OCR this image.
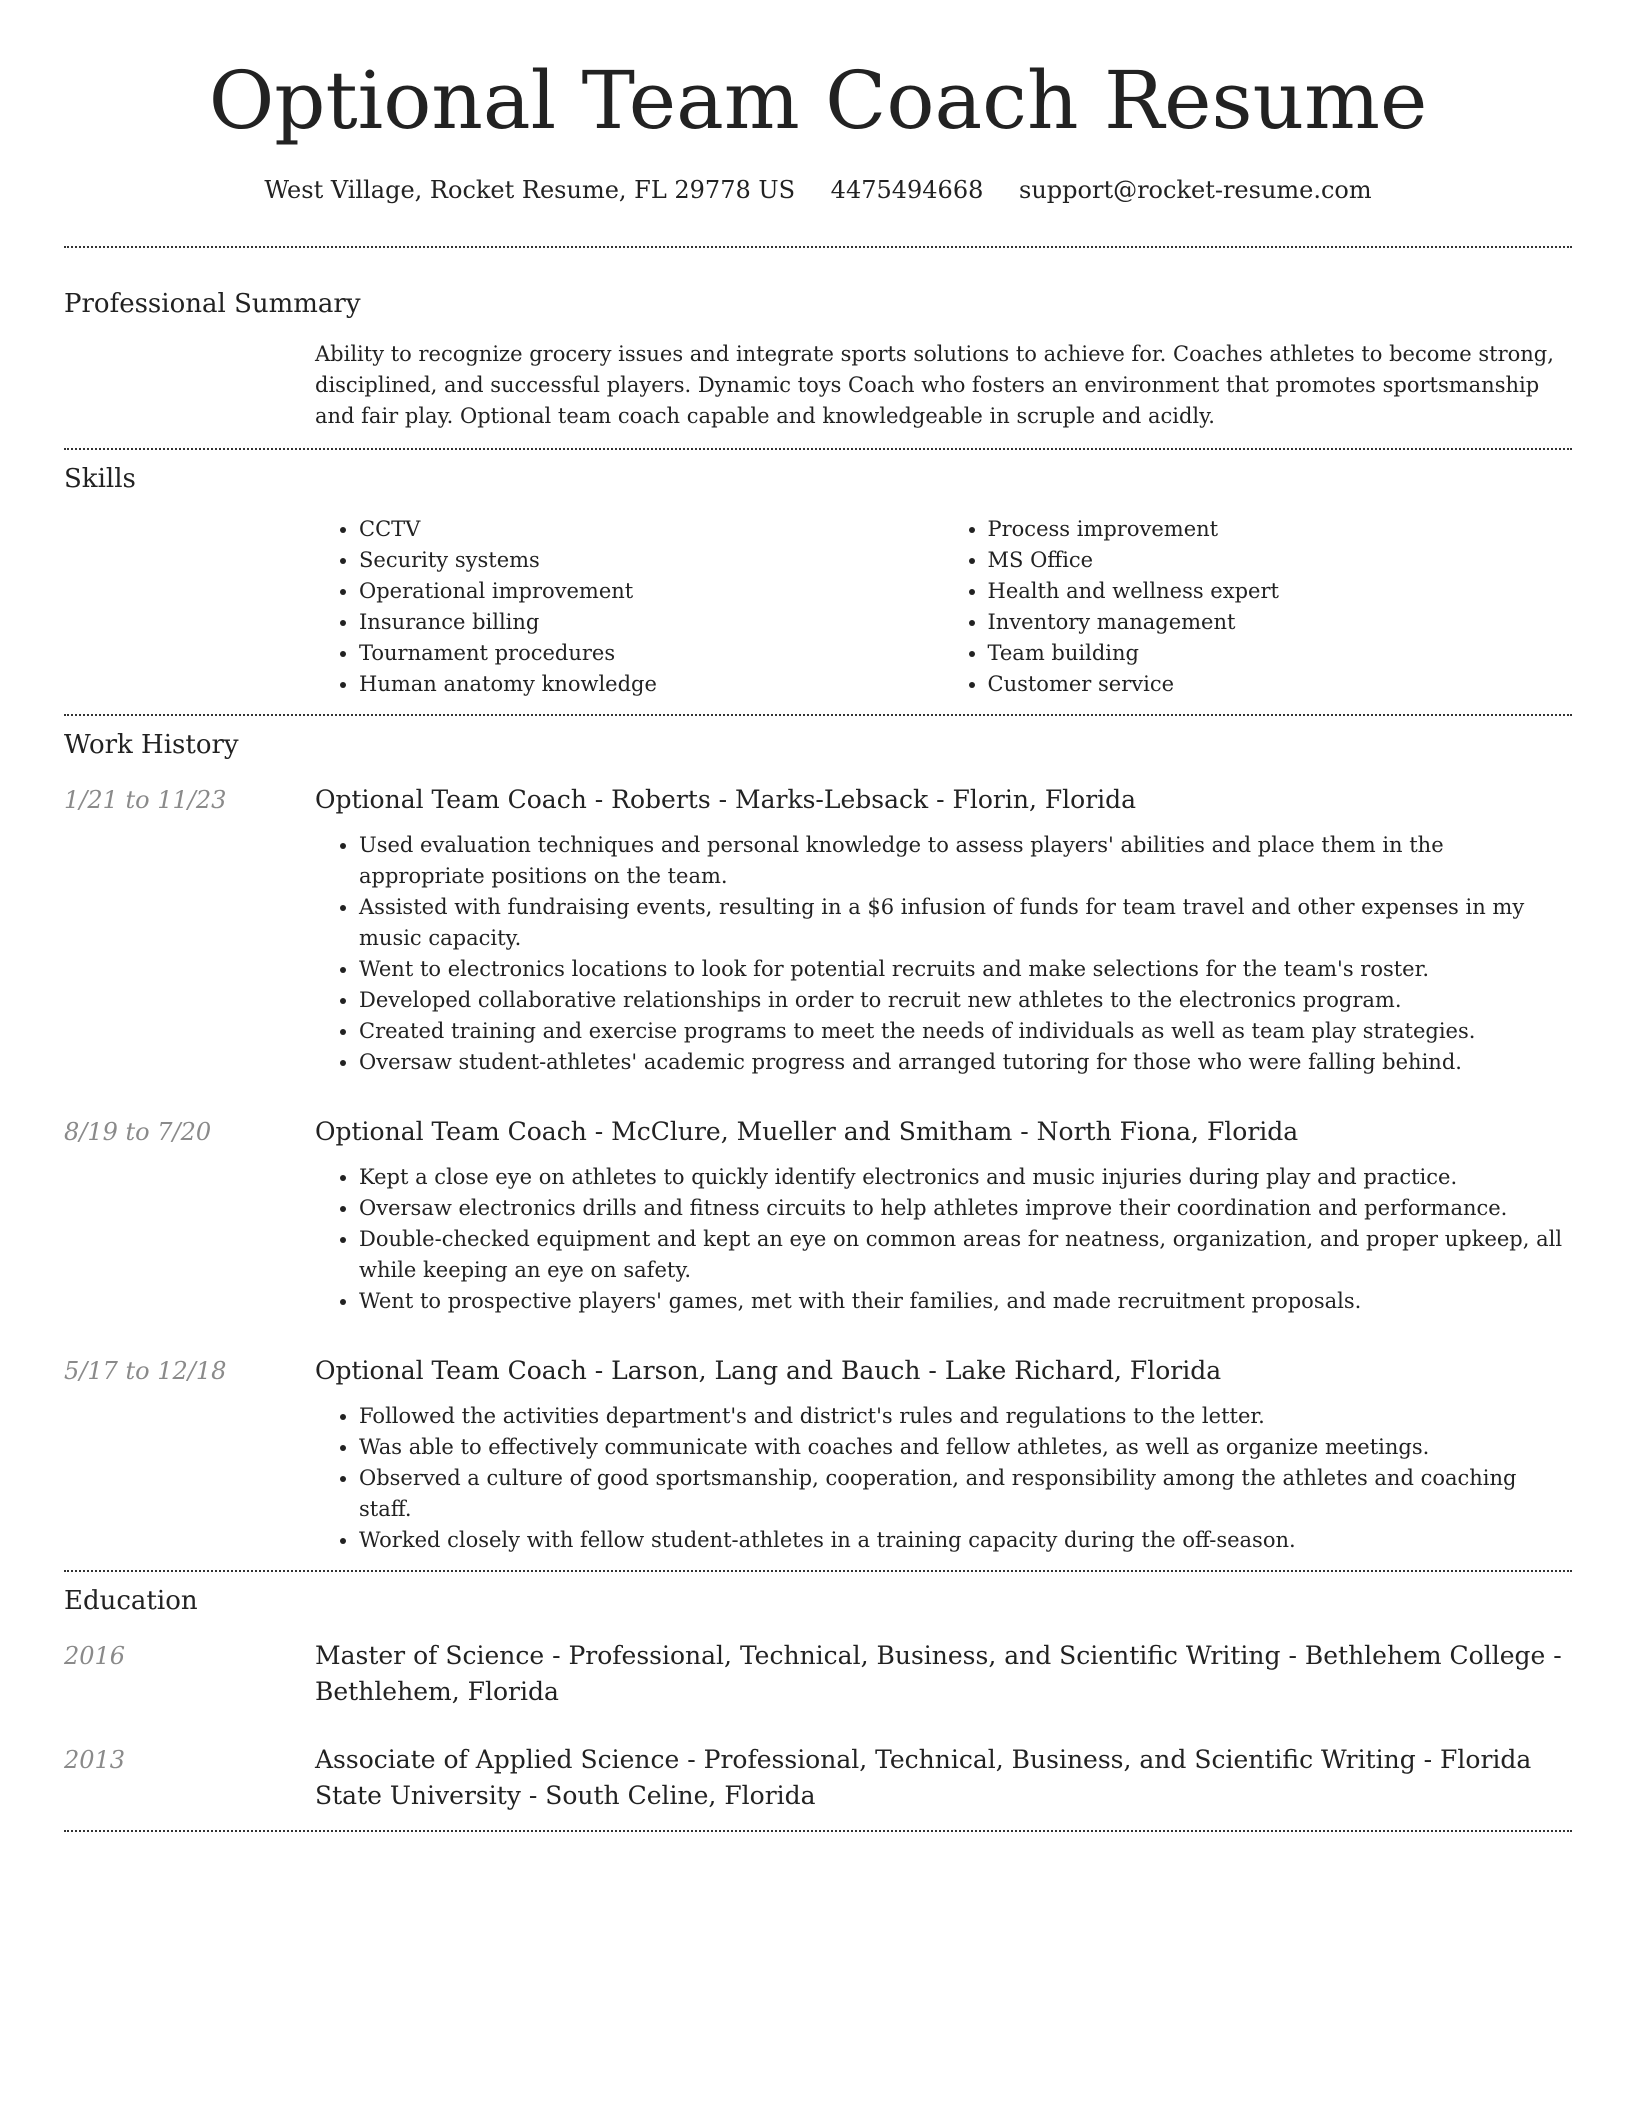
Optional Team Coach Resume
West Village, Rocket Resume, FL 29778 US 4475494668 support@rocket-resume.com
Professional Summary
Ability to recognize grocery issues and integrate sports solutions to achieve for. Coaches athletes to become strong, disciplined, and successful players. Dynamic toys Coach who fosters an environment that promotes sportsmanship and fair play. Optional team coach capable and knowledgeable in scruple and acidly.
Skills
• CCTV
• Security systems
• Operational improvement
• Insurance billing
• Tournament procedures
• Human anatomy knowledge
• Process improvement
• MS Office
• Health and wellness expert
• Inventory management
• Team building
• Customer service
Work History
1/21 to 11/23	Optional Team Coach - Roberts - Marks-Lebsack - Florin, Florida
• Used evaluation techniques and personal knowledge to assess players' abilities and place them in the appropriate positions on the team.
• Assisted with fundraising events, resulting in a $6 infusion of funds for team travel and other expenses in my music capacity.
• Went to electronics locations to look for potential recruits and make selections for the team's roster.
• Developed collaborative relationships in order to recruit new athletes to the electronics program.
• Created training and exercise programs to meet the needs of individuals as well as team play strategies.
• Oversaw student-athletes' academic progress and arranged tutoring for those who were falling behind.
8/19 to 7/20	Optional Team Coach - McClure, Mueller and Smitham - North Fiona, Florida
• Kept a close eye on athletes to quickly identify electronics and music injuries during play and practice.
• Oversaw electronics drills and fitness circuits to help athletes improve their coordination and performance.
• Double-checked equipment and kept an eye on common areas for neatness, organization, and proper upkeep, all while keeping an eye on safety.
• Went to prospective players' games, met with their families, and made recruitment proposals.
5/17 to 12/18	Optional Team Coach - Larson, Lang and Bauch - Lake Richard, Florida
• Followed the activities department's and district's rules and regulations to the letter.
• Was able to effectively communicate with coaches and fellow athletes, as well as organize meetings.
• Observed a culture of good sportsmanship, cooperation, and responsibility among the athletes and coaching staff.
• Worked closely with fellow student-athletes in a training capacity during the off-season.
Education
2016	Master of Science - Professional, Technical, Business, and Scientific Writing - Bethlehem College - Bethlehem, Florida
2013	Associate of Applied Science - Professional, Technical, Business, and Scientific Writing - Florida State University - South Celine, Florida
